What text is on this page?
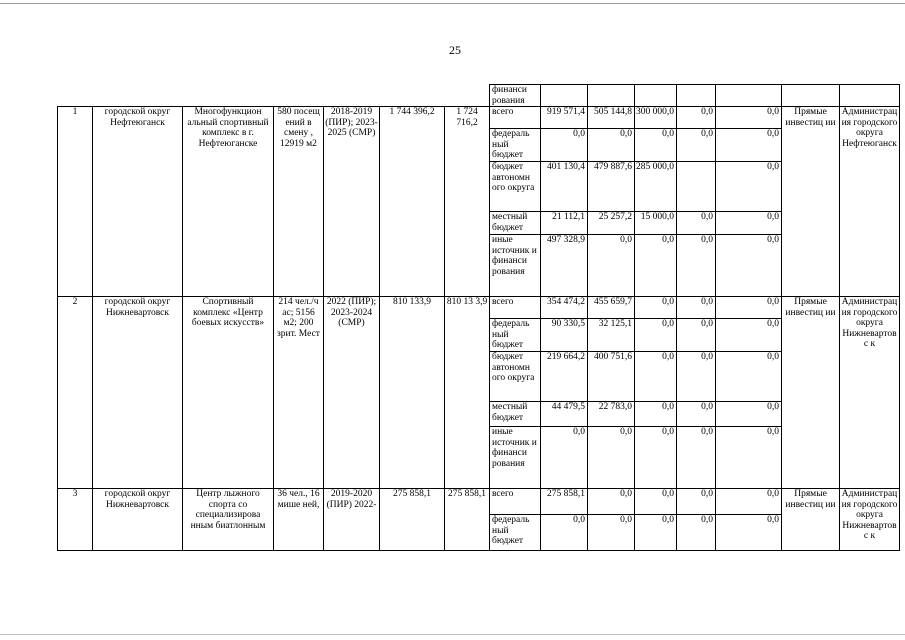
25
							финанси рования							
1	городской округ Нефтеюганск	Многофункцион альный спортивный комплекс в г. Нефтеюганске	580 посещ ений в смену , 12919 м2	2018-2019 (ПИР); 2023-2025 (СМР)	1 744 396,2	1 724 716,2	всего	919 571,4	505 144,8	300 000,0	0,0	0,0	Прямые инвестиц ии	Администрац ия городского округа Нефтеюганск
							федераль ный бюджет	0,0	0,0	0,0	0,0	0,0		
							бюджет автономн ого округа	401 130,4	479 887,6	285 000,0		0,0		
							местный бюджет	21 112,1	25 257,2	15 000,0	0,0	0,0		
							иные источник и финанси рования	497 328,9	0,0	0,0	0,0	0,0		
2	городской округ Нижневартовск	Спортивный комплекс «Центр боевых искусств»	214 чел./ч ас; 5156 м2; 200 зрит. Мест	2022 (ПИР); 2023-2024 (СМР)	810 133,9	810 13 3,9	всего	354 474,2	455 659,7	0,0	0,0	0,0	Прямые инвестиц ии	Администрац ия городского округа Нижневартовс к
							федераль ный бюджет	90 330,5	32 125,1	0,0	0,0	0,0		
							бюджет автономн ого округа	219 664,2	400 751,6	0,0	0,0	0,0		
							местный бюджет	44 479,5	22 783,0	0,0	0,0	0,0		
							иные источник и финанси рования	0,0	0,0	0,0	0,0	0,0		
3	городской округ Нижневартовск	Центр лыжного спорта со специализирова нным биатлонным	36 чел., 16 мише ней,	2019-2020 (ПИР) 2022-	275 858,1	275 858,1	всего	275 858,1	0,0	0,0	0,0	0,0	Прямые инвестиц ии	Администрац ия городского округа Нижневартовс к
							федераль ный бюджет	0,0	0,0	0,0	0,0	0,0		
